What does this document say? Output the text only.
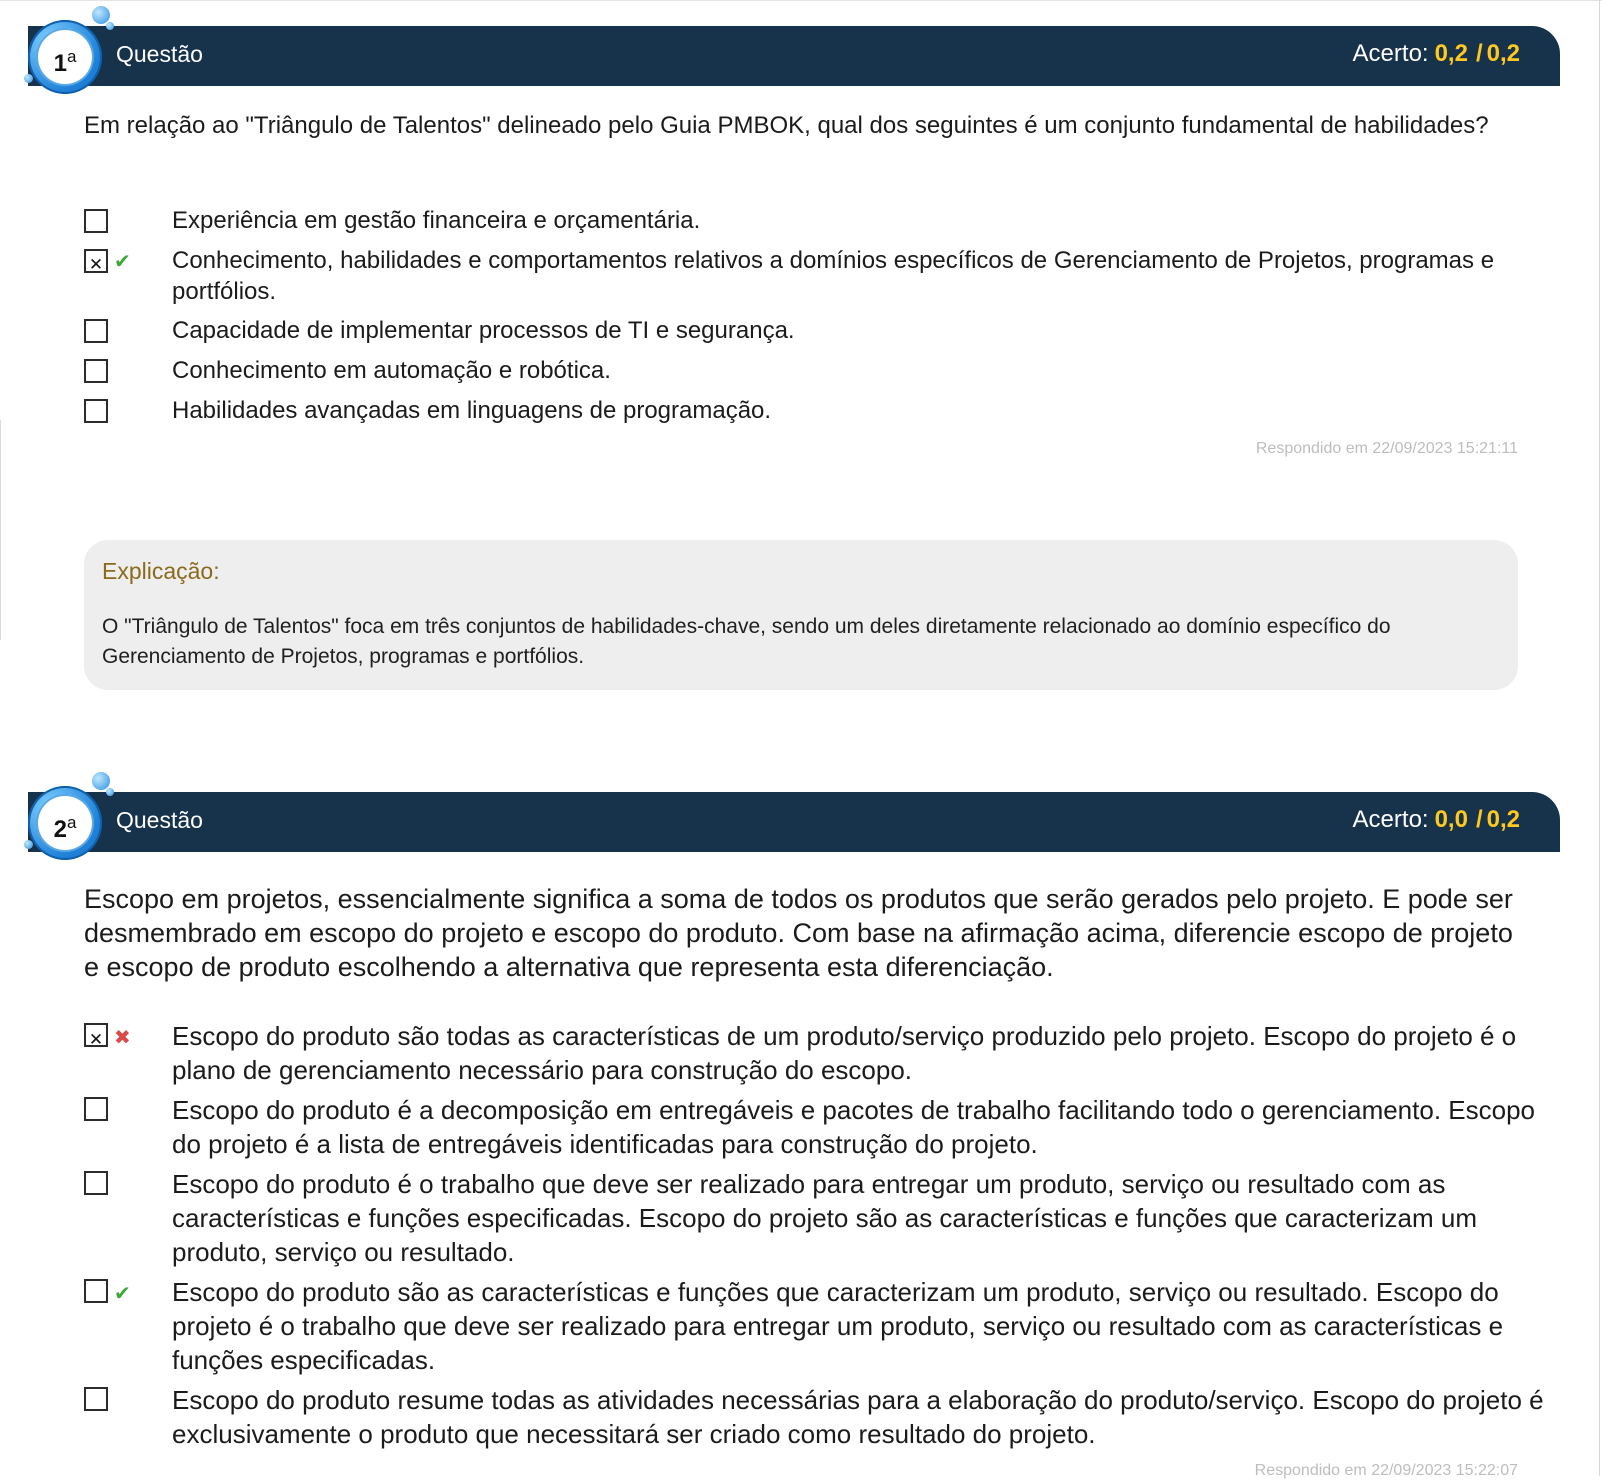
Questão	Acerto: 0,2 / 0,2
1$^a$
Em relação ao "Triângulo de Talentos" delineado pelo Guia PMBOK, qual dos seguintes é um conjunto fundamental de habilidades?
Experiência em gestão financeira e orçamentária.
✕
✔ Conhecimento, habilidades e comportamentos relativos a domínios específicos de Gerenciamento de Projetos, programas e portfólios.
Capacidade de implementar processos de TI e segurança.
Conhecimento em automação e robótica.
Habilidades avançadas em linguagens de programação.
Respondido em 22/09/2023 15:21:11
Explicação:
O "Triângulo de Talentos" foca em três conjuntos de habilidades-chave, sendo um deles diretamente relacionado ao domínio específico do Gerenciamento de Projetos, programas e portfólios.
Questão	Acerto: 0,0 / 0,2
2$^a$
Escopo em projetos, essencialmente significa a soma de todos os produtos que serão gerados pelo projeto. E pode ser desmembrado em escopo do projeto e escopo do produto. Com base na afirmação acima, diferencie escopo de projeto e escopo de produto escolhendo a alternativa que representa esta diferenciação.
✕
✖ Escopo do produto são todas as características de um produto/serviço produzido pelo projeto. Escopo do projeto é o plano de gerenciamento necessário para construção do escopo.
Escopo do produto é a decomposição em entregáveis e pacotes de trabalho facilitando todo o gerenciamento. Escopo do projeto é a lista de entregáveis identificadas para construção do projeto.
Escopo do produto é o trabalho que deve ser realizado para entregar um produto, serviço ou resultado com as características e funções especificadas. Escopo do projeto são as características e funções que caracterizam um produto, serviço ou resultado.
✔ Escopo do produto são as características e funções que caracterizam um produto, serviço ou resultado. Escopo do projeto é o trabalho que deve ser realizado para entregar um produto, serviço ou resultado com as características e funções especificadas.
Escopo do produto resume todas as atividades necessárias para a elaboração do produto/serviço. Escopo do projeto é exclusivamente o produto que necessitará ser criado como resultado do projeto.
Respondido em 22/09/2023 15:22:07
